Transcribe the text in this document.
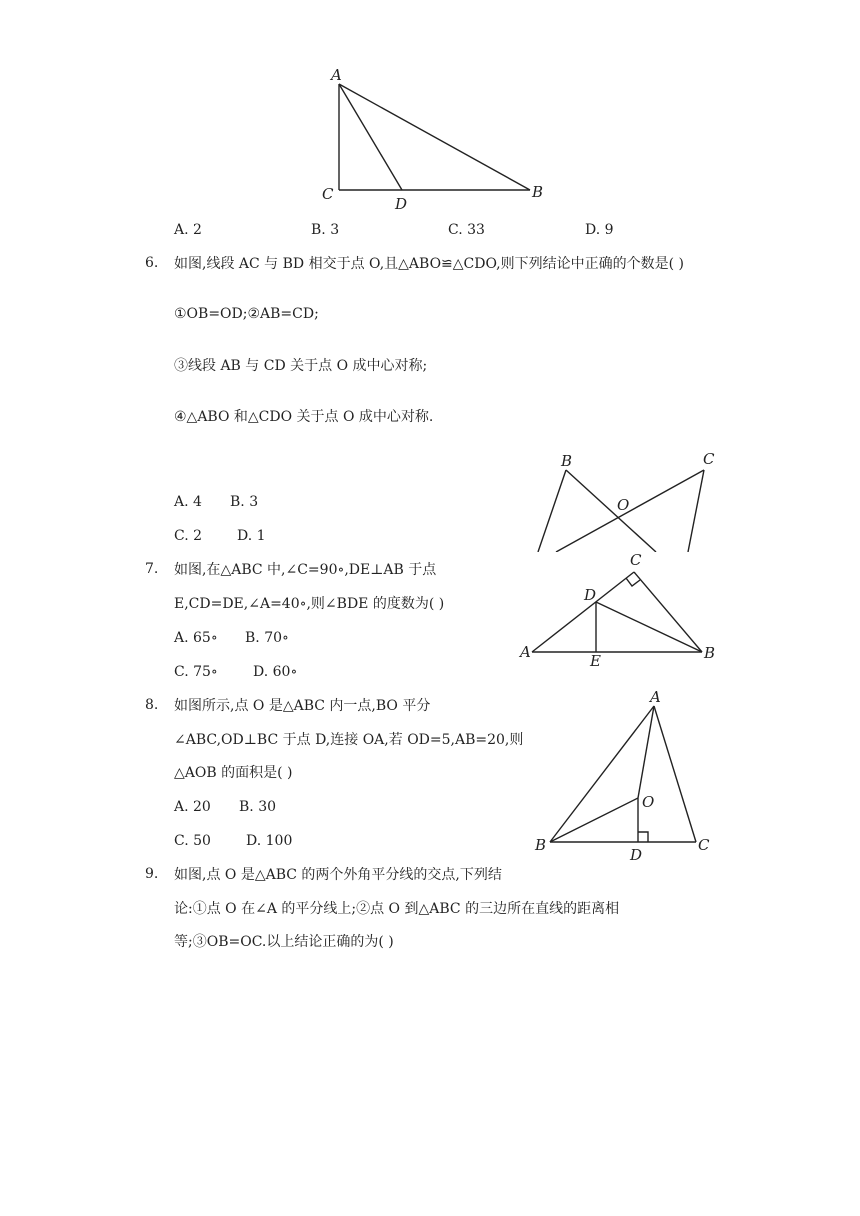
A
C
D
B
A. 2	B. 3	C. 33	D. 9
6. 如图,线段 AC 与 BD 相交于点 O,且△ABO≌△CDO,则下列结论中正确的个数是( )
①OB=OD;②AB=CD;
③线段 AB 与 CD 关于点 O 成中心对称;
④△ABO 和△CDO 关于点 O 成中心对称.
A. 4 B. 3
C. 2 D. 1
B	C
O
7. 如图,在△ABC 中,∠C=90∘,DE⊥AB 于点
E,CD=DE,∠A=40∘,则∠BDE 的度数为( )
A. 65∘ B. 70∘
C. 75∘	D. 60∘
C
D
A	E	B
8. 如图所示,点 O 是△ABC 内一点,BO 平分
∠ABC,OD⊥BC 于点 D,连接 OA,若 OD=5,AB=20,则
△AOB 的面积是( )
A. 20 B. 30
C. 50	D. 100
A
O
B
D
C
9. 如图,点 O 是△ABC 的两个外角平分线的交点,下列结
论:①点 O 在∠A 的平分线上;②点 O 到△ABC 的三边所在直线的距离相
等;③OB=OC.以上结论正确的为( )
